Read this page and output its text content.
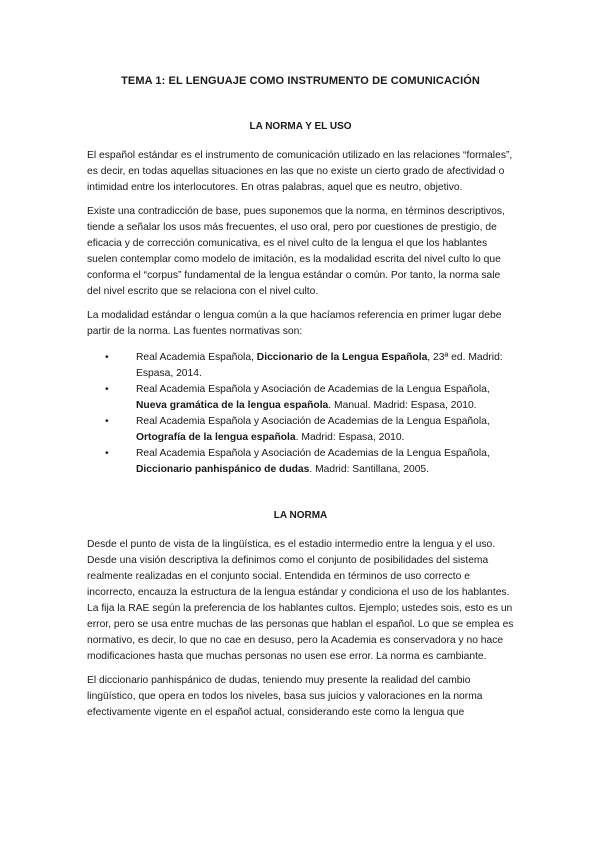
TEMA 1: EL LENGUAJE COMO INSTRUMENTO DE COMUNICACIÓN
LA NORMA Y EL USO

El español estándar es el instrumento de comunicación utilizado en las relaciones “formales”, es decir, en todas aquellas situaciones en las que no existe un cierto grado de afectividad o intimidad entre los interlocutores. En otras palabras, aquel que es neutro, objetivo.

Existe una contradicción de base, pues suponemos que la norma, en términos descriptivos, tiende a señalar los usos más frecuentes, el uso oral, pero por cuestiones de prestigio, de eficacia y de corrección comunicativa, es el nivel culto de la lengua el que los hablantes suelen contemplar como modelo de imitación, es la modalidad escrita del nivel culto lo que conforma el “corpus” fundamental de la lengua estándar o común. Por tanto, la norma sale del nivel escrito que se relaciona con el nivel culto.

La modalidad estándar o lengua común a la que hacíamos referencia en primer lugar debe partir de la norma. Las fuentes normativas son:

•	Real Academia Española, Diccionario de la Lengua Española, 23ª ed. Madrid: Espasa, 2014.
•	Real Academia Española y Asociación de Academias de la Lengua Española, Nueva gramática de la lengua española. Manual. Madrid: Espasa, 2010.
•	Real Academia Española y Asociación de Academias de la Lengua Española, Ortografía de la lengua española. Madrid: Espasa, 2010.
•	Real Academia Española y Asociación de Academias de la Lengua Española, Diccionario panhispánico de dudas. Madrid: Santillana, 2005.
LA NORMA

Desde el punto de vista de la lingüística, es el estadio intermedio entre la lengua y el uso. Desde una visión descriptiva la definimos como el conjunto de posibilidades del sistema realmente realizadas en el conjunto social. Entendida en términos de uso correcto e incorrecto, encauza la estructura de la lengua estándar y condiciona el uso de los hablantes. La fija la RAE según la preferencia de los hablantes cultos. Ejemplo; ustedes sois, esto es un error, pero se usa entre muchas de las personas que hablan el español. Lo que se emplea es normativo, es decir, lo que no cae en desuso, pero la Academia es conservadora y no hace modificaciones hasta que muchas personas no usen ese error. La norma es cambiante.

El diccionario panhispánico de dudas, teniendo muy presente la realidad del cambio lingüístico, que opera en todos los niveles, basa sus juicios y valoraciones en la norma efectivamente vigente en el español actual, considerando este como la lengua que
